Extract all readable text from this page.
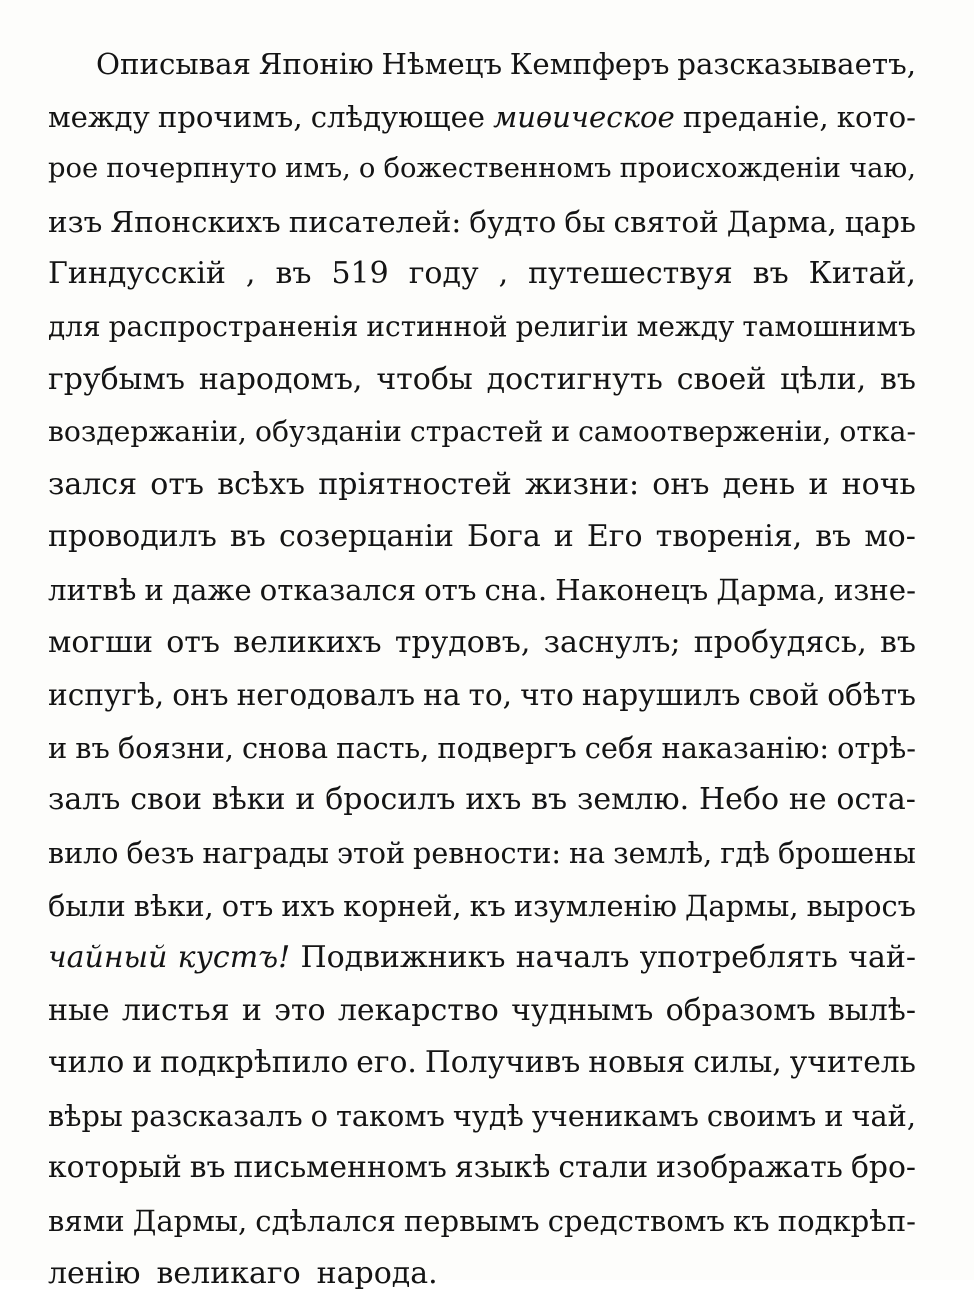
Описывая Японію Нѣмецъ Кемпферъ разсказываетъ,
между прочимъ, слѣдующее миѳическое преданіе, кото-
рое почерпнуто имъ, о божественномъ происхожденіи чаю,
изъ Японскихъ писателей: будто бы святой Дарма, царь
Гиндусскій , въ 519 году , путешествуя въ Китай,
для распространенія истинной религіи между тамошнимъ
грубымъ народомъ, чтобы достигнуть своей цѣли, въ
воздержаніи, обузданіи страстей и самоотверженіи, отка-
зался отъ всѣхъ пріятностей жизни: онъ день и ночь
проводилъ въ созерцаніи Бога и Его творенія, въ мо-
литвѣ и даже отказался отъ сна. Наконецъ Дарма, изне-
могши отъ великихъ трудовъ, заснулъ; пробудясь, въ
испугѣ, онъ негодовалъ на то, что нарушилъ свой обѣтъ
и въ боязни, снова пасть, подвергъ себя наказанію: отрѣ-
залъ свои вѣки и бросилъ ихъ въ землю. Небо не оста-
вило безъ награды этой ревности: на землѣ, гдѣ брошены
были вѣки, отъ ихъ корней, къ изумленію Дармы, выросъ
чайный кустъ! Подвижникъ началъ употреблять чай-
ные листья и это лекарство чуднымъ образомъ вылѣ-
чило и подкрѣпило его. Получивъ новыя силы, учитель
вѣры разсказалъ о такомъ чудѣ ученикамъ своимъ и чай,
который въ письменномъ языкѣ стали изображать бро-
вями Дармы, сдѣлался первымъ средствомъ къ подкрѣп-
ленію великаго народа.
